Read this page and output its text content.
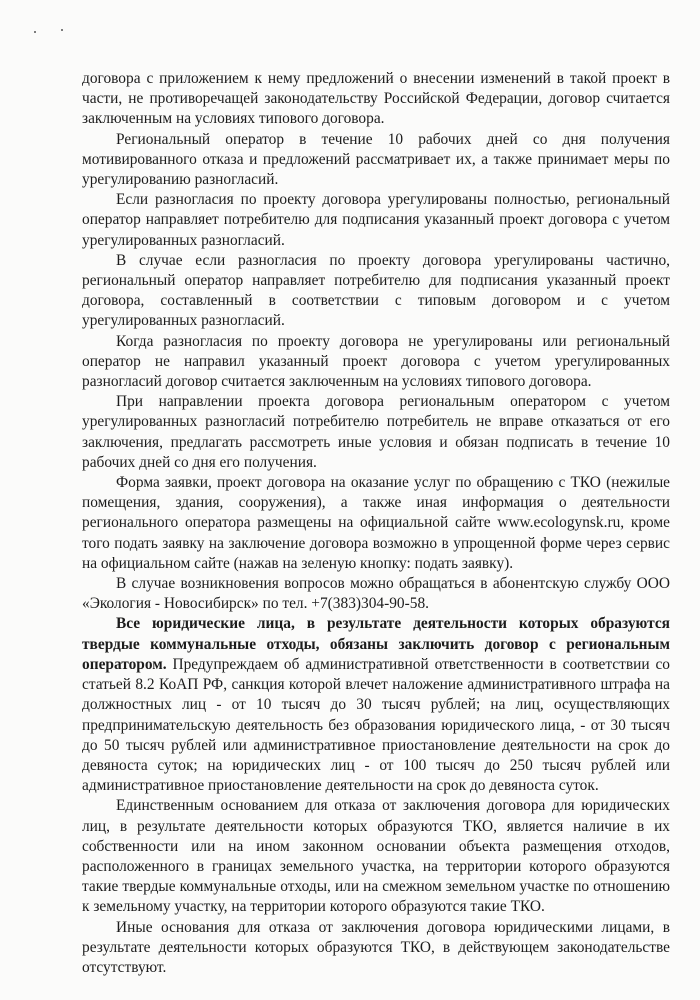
договора с приложением к нему предложений о внесении изменений в такой проект в части, не противоречащей законодательству Российской Федерации, договор считается заключенным на условиях типового договора.

Региональный оператор в течение 10 рабочих дней со дня получения мотивированного отказа и предложений рассматривает их, а также принимает меры по урегулированию разногласий.

Если разногласия по проекту договора урегулированы полностью, региональный оператор направляет потребителю для подписания указанный проект договора с учетом урегулированных разногласий.

В случае если разногласия по проекту договора урегулированы частично, региональный оператор направляет потребителю для подписания указанный проект договора, составленный в соответствии с типовым договором и с учетом урегулированных разногласий.

Когда разногласия по проекту договора не урегулированы или региональный оператор не направил указанный проект договора с учетом урегулированных разногласий договор считается заключенным на условиях типового договора.

При направлении проекта договора региональным оператором с учетом урегулированных разногласий потребителю потребитель не вправе отказаться от его заключения, предлагать рассмотреть иные условия и обязан подписать в течение 10 рабочих дней со дня его получения.

Форма заявки, проект договора на оказание услуг по обращению с ТКО (нежилые помещения, здания, сооружения), а также иная информация о деятельности регионального оператора размещены на официальной сайте www.ecologynsk.ru, кроме того подать заявку на заключение договора возможно в упрощенной форме через сервис на официальном сайте (нажав на зеленую кнопку: подать заявку).

В случае возникновения вопросов можно обращаться в абонентскую службу ООО «Экология - Новосибирск» по тел. +7(383)304-90-58.

Все юридические лица, в результате деятельности которых образуются твердые коммунальные отходы, обязаны заключить договор с региональным оператором. Предупреждаем об административной ответственности в соответствии со статьей 8.2 КоАП РФ, санкция которой влечет наложение административного штрафа на должностных лиц - от 10 тысяч до 30 тысяч рублей; на лиц, осуществляющих предпринимательскую деятельность без образования юридического лица, - от 30 тысяч до 50 тысяч рублей или административное приостановление деятельности на срок до девяноста суток; на юридических лиц - от 100 тысяч до 250 тысяч рублей или административное приостановление деятельности на срок до девяноста суток.

Единственным основанием для отказа от заключения договора для юридических лиц, в результате деятельности которых образуются ТКО, является наличие в их собственности или на ином законном основании объекта размещения отходов, расположенного в границах земельного участка, на территории которого образуются такие твердые коммунальные отходы, или на смежном земельном участке по отношению к земельному участку, на территории которого образуются такие ТКО.

Иные основания для отказа от заключения договора юридическими лицами, в результате деятельности которых образуются ТКО, в действующем законодательстве отсутствуют.
